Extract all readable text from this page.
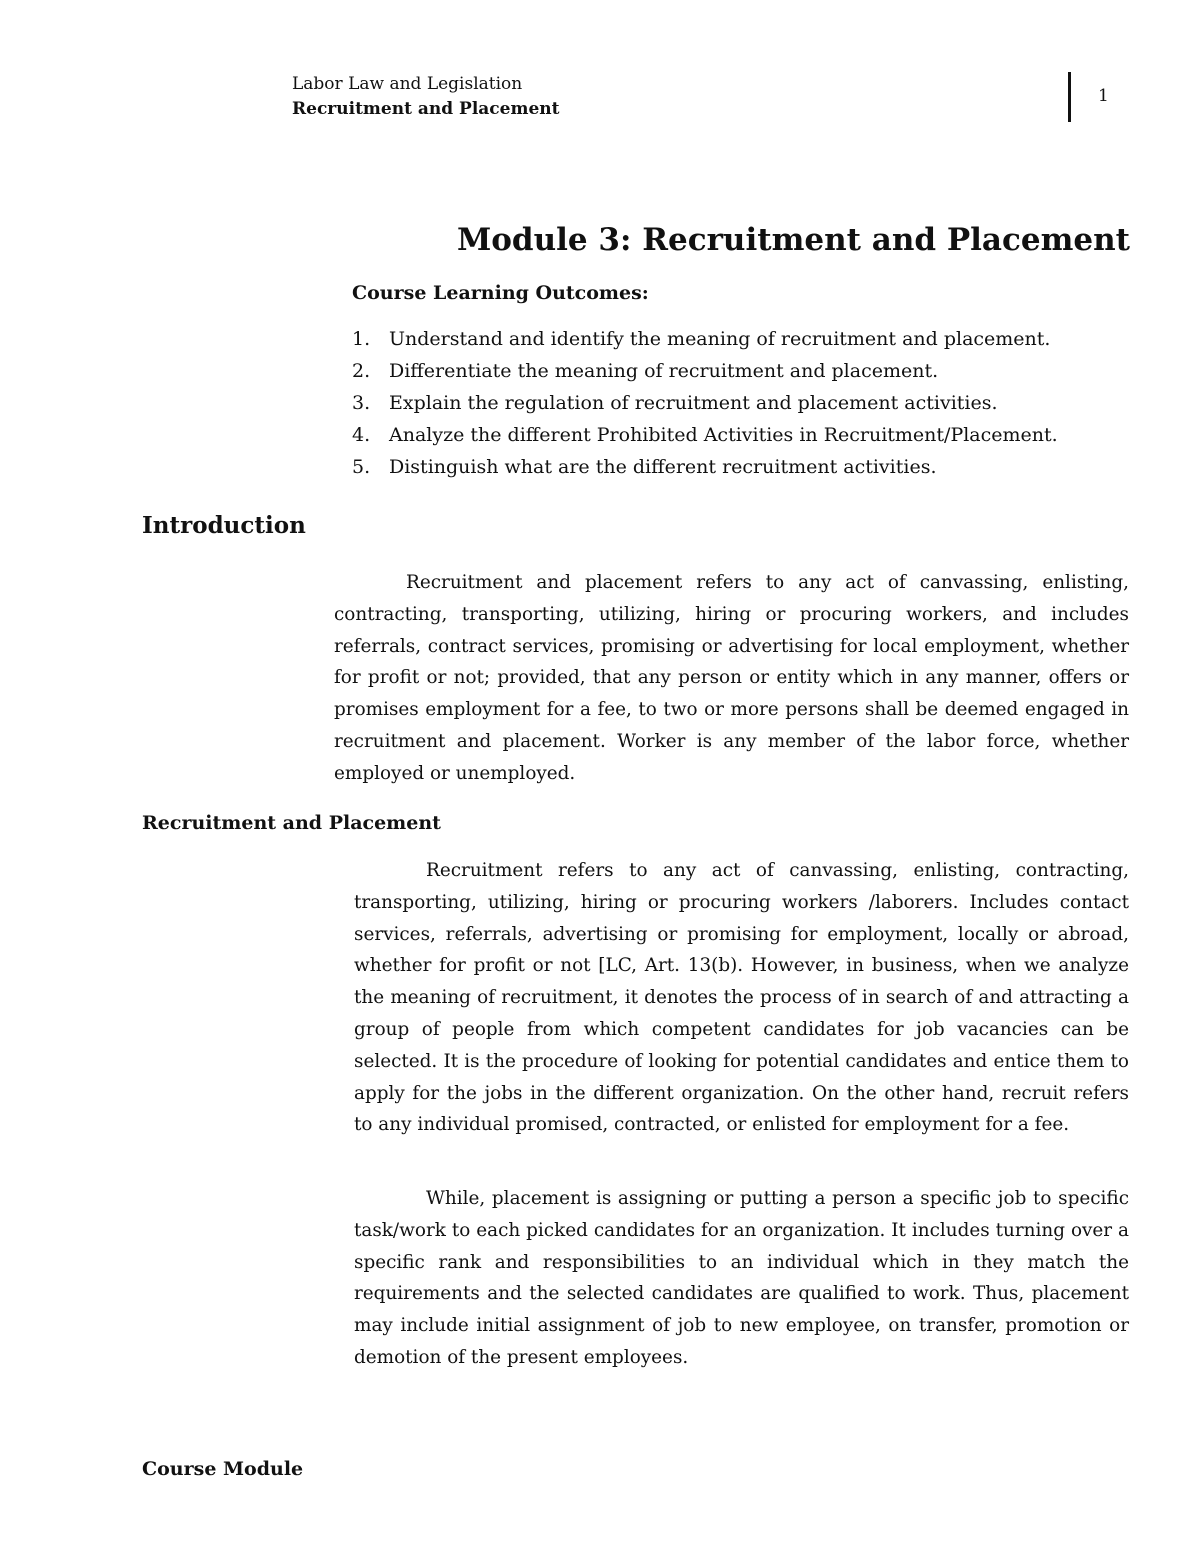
Labor Law and Legislation
Recruitment and Placement
1
Module 3: Recruitment and Placement
Course Learning Outcomes:
1. Understand and identify the meaning of recruitment and placement.
2. Differentiate the meaning of recruitment and placement.
3. Explain the regulation of recruitment and placement activities.
4. Analyze the different Prohibited Activities in Recruitment/Placement.
5. Distinguish what are the different recruitment activities.
Introduction

Recruitment and placement refers to any act of canvassing, enlisting, contracting, transporting, utilizing, hiring or procuring workers, and includes referrals, contract services, promising or advertising for local employment, whether for profit or not; provided, that any person or entity which in any manner, offers or promises employment for a fee, to two or more persons shall be deemed engaged in recruitment and placement. Worker is any member of the labor force, whether employed or unemployed.

Recruitment and Placement

Recruitment refers to any act of canvassing, enlisting, contracting, transporting, utilizing, hiring or procuring workers /laborers. Includes contact services, referrals, advertising or promising for employment, locally or abroad, whether for profit or not [LC, Art. 13(b). However, in business, when we analyze the meaning of recruitment, it denotes the process of in search of and attracting a group of people from which competent candidates for job vacancies can be selected. It is the procedure of looking for potential candidates and entice them to apply for the jobs in the different organization. On the other hand, recruit refers to any individual promised, contracted, or enlisted for employment for a fee.

While, placement is assigning or putting a person a specific job to specific task/work to each picked candidates for an organization. It includes turning over a specific rank and responsibilities to an individual which in they match the requirements and the selected candidates are qualified to work. Thus, placement may include initial assignment of job to new employee, on transfer, promotion or demotion of the present employees.

Course Module
